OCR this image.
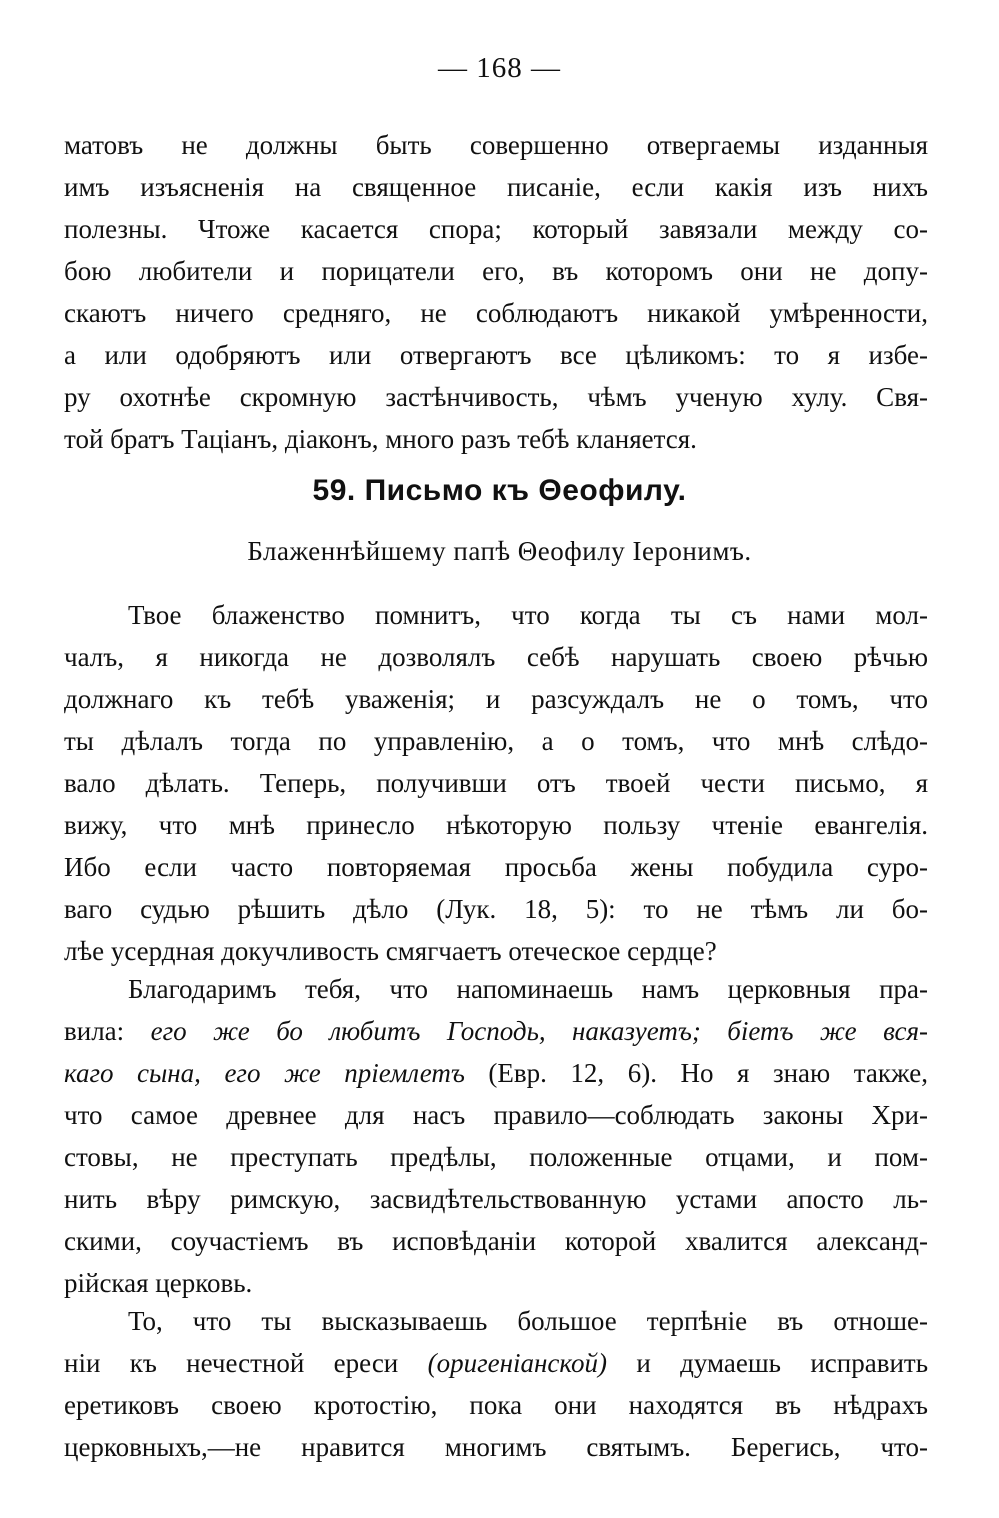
— 168 —
матовъ не должны быть совершенно отвергаемы изданныя
имъ изъясненія на священное писаніе, если какія изъ нихъ
полезны. Чтоже касается спора; который завязали между со-
бою любители и порицатели его, въ которомъ они не допу-
скаютъ ничего средняго, не соблюдаютъ никакой умѣренности,
а или одобряютъ или отвергаютъ все цѣликомъ: то я избе-
ру охотнѣе скромную застѣнчивость, чѣмъ ученую хулу. Свя-
той братъ Таціанъ, діаконъ, много разъ тебѣ кланяется.
59. Письмо къ Θеофилу.
Блаженнѣйшему папѣ Θеофилу Іеронимъ.
Твое блаженство помнитъ, что когда ты съ нами мол-
чалъ, я никогда не дозволялъ себѣ нарушать своею рѣчью
должнаго къ тебѣ уваженія; и разсуждалъ не о томъ, что
ты дѣлалъ тогда по управленію, а о томъ, что мнѣ слѣдо-
вало дѣлать. Теперь, получивши отъ твоей чести письмо, я
вижу, что мнѣ принесло нѣкоторую пользу чтеніе евангелія.
Ибо если часто повторяемая просьба жены побудила суро-
ваго судью рѣшить дѣло (Лук. 18, 5): то не тѣмъ ли бо-
лѣе усердная докучливость смягчаетъ отеческое сердце?
Благодаримъ тебя, что напоминаешь намъ церковныя пра-
вила: его же бо любитъ Господь, наказуетъ; біетъ же вся-
каго сына, его же пріемлетъ (Евр. 12, 6). Но я знаю также,
что самое древнее для насъ правило—соблюдать законы Хри-
стовы, не преступать предѣлы, положенные отцами, и пом-
нить вѣру римскую, засвидѣтельствованную устами апосто ль-
скими, соучастіемъ въ исповѣданіи которой хвалится александ-
рійская церковь.
То, что ты высказываешь большое терпѣніе въ отноше-
ніи къ нечестной ереси (оригеніанской) и думаешь исправить
еретиковъ своею кротостію, пока они находятся въ нѣдрахъ
церковныхъ,—не нравится многимъ святымъ. Берегись, что-
